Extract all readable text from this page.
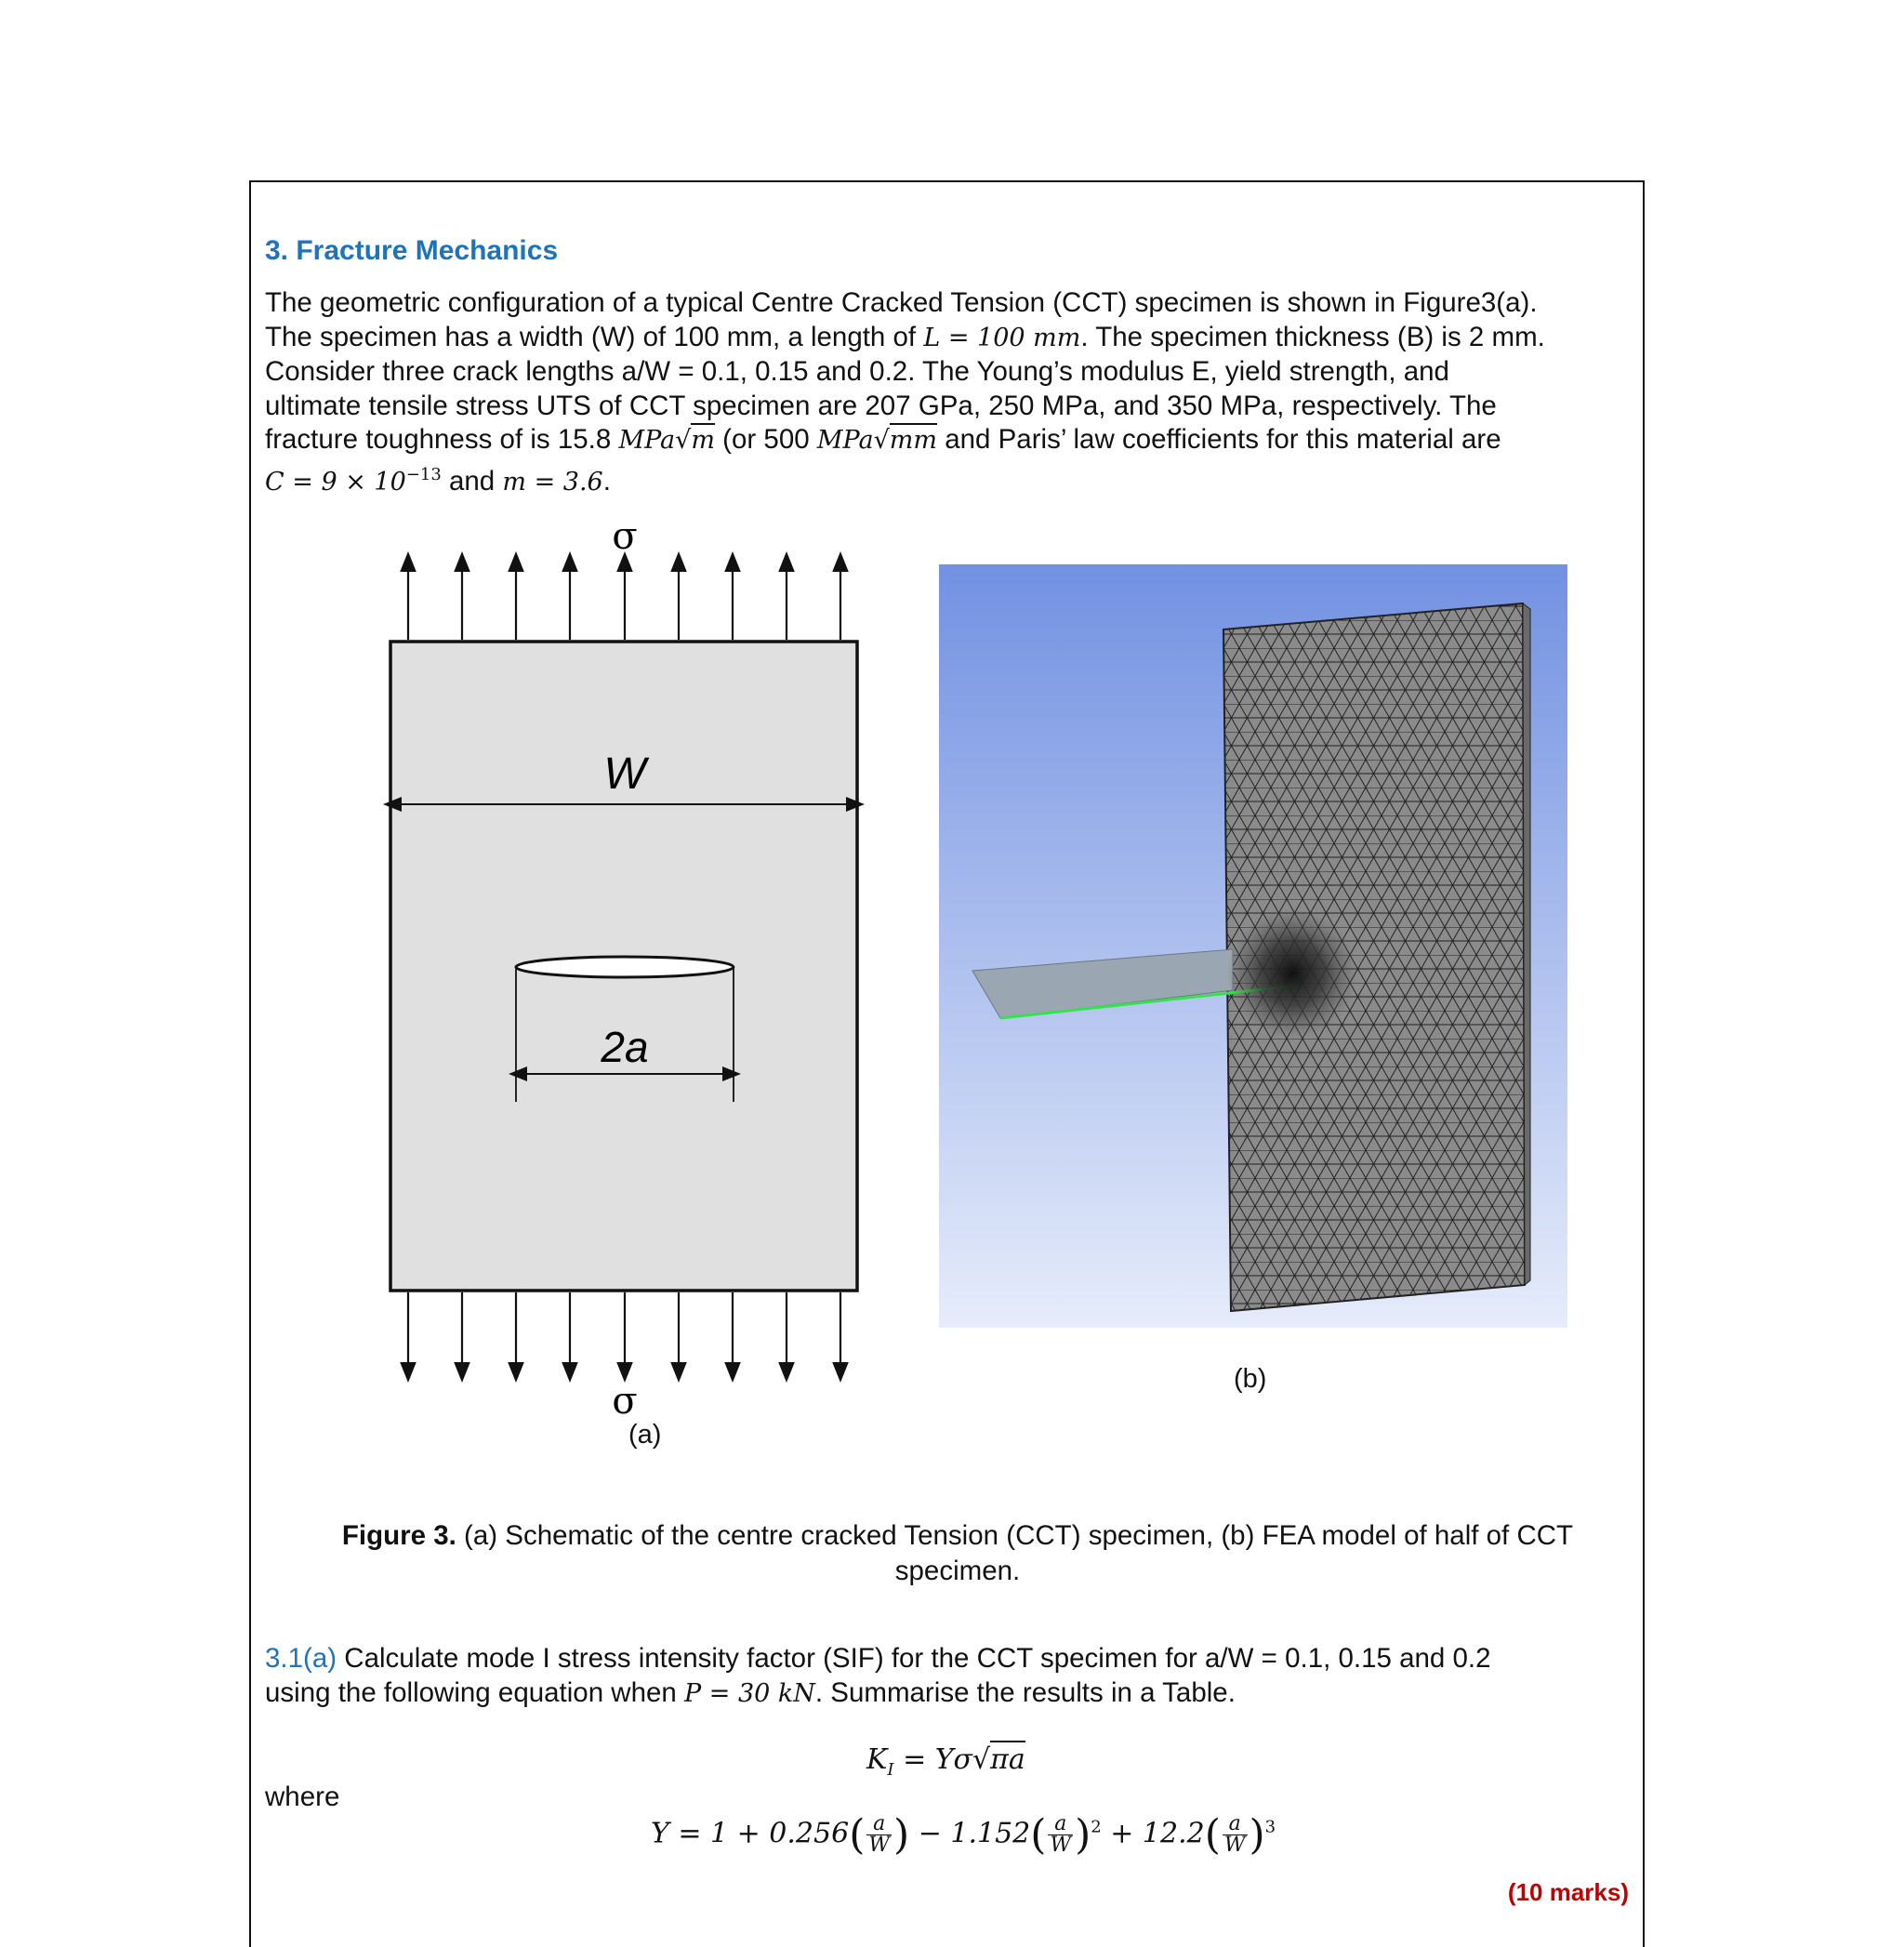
3. Fracture Mechanics
The geometric configuration of a typical Centre Cracked Tension (CCT) specimen is shown in Figure3(a).
The specimen has a width (W) of 100 mm, a length of L = 100 mm. The specimen thickness (B) is 2 mm.
Consider three crack lengths a/W = 0.1, 0.15 and 0.2. The Young’s modulus E, yield strength, and
ultimate tensile stress UTS of CCT specimen are 207 GPa, 250 MPa, and 350 MPa, respectively. The
fracture toughness of is 15.8 MPa√m (or 500 MPa√mm and Paris’ law coefficients for this material are
$C = 9 \times 10^{-13}$ and m = 3.6.
W
2a
σ
σ
(a)
(b)
Figure 3. (a) Schematic of the centre cracked Tension (CCT) specimen, (b) FEA model of half of CCT
specimen.
3.1(a) Calculate mode I stress intensity factor (SIF) for the CCT specimen for a/W = 0.1, 0.15 and 0.2
using the following equation when P = 30 kN. Summarise the results in a Table.
$K_I = Y\sigma√\pi a$
where
$Y = 1 + 0.256( \frac{a}{W}$ ) − $1.152( \frac{a}{W} )^2 + 12.2( \frac{a}{W} )^3$
(10 marks)
